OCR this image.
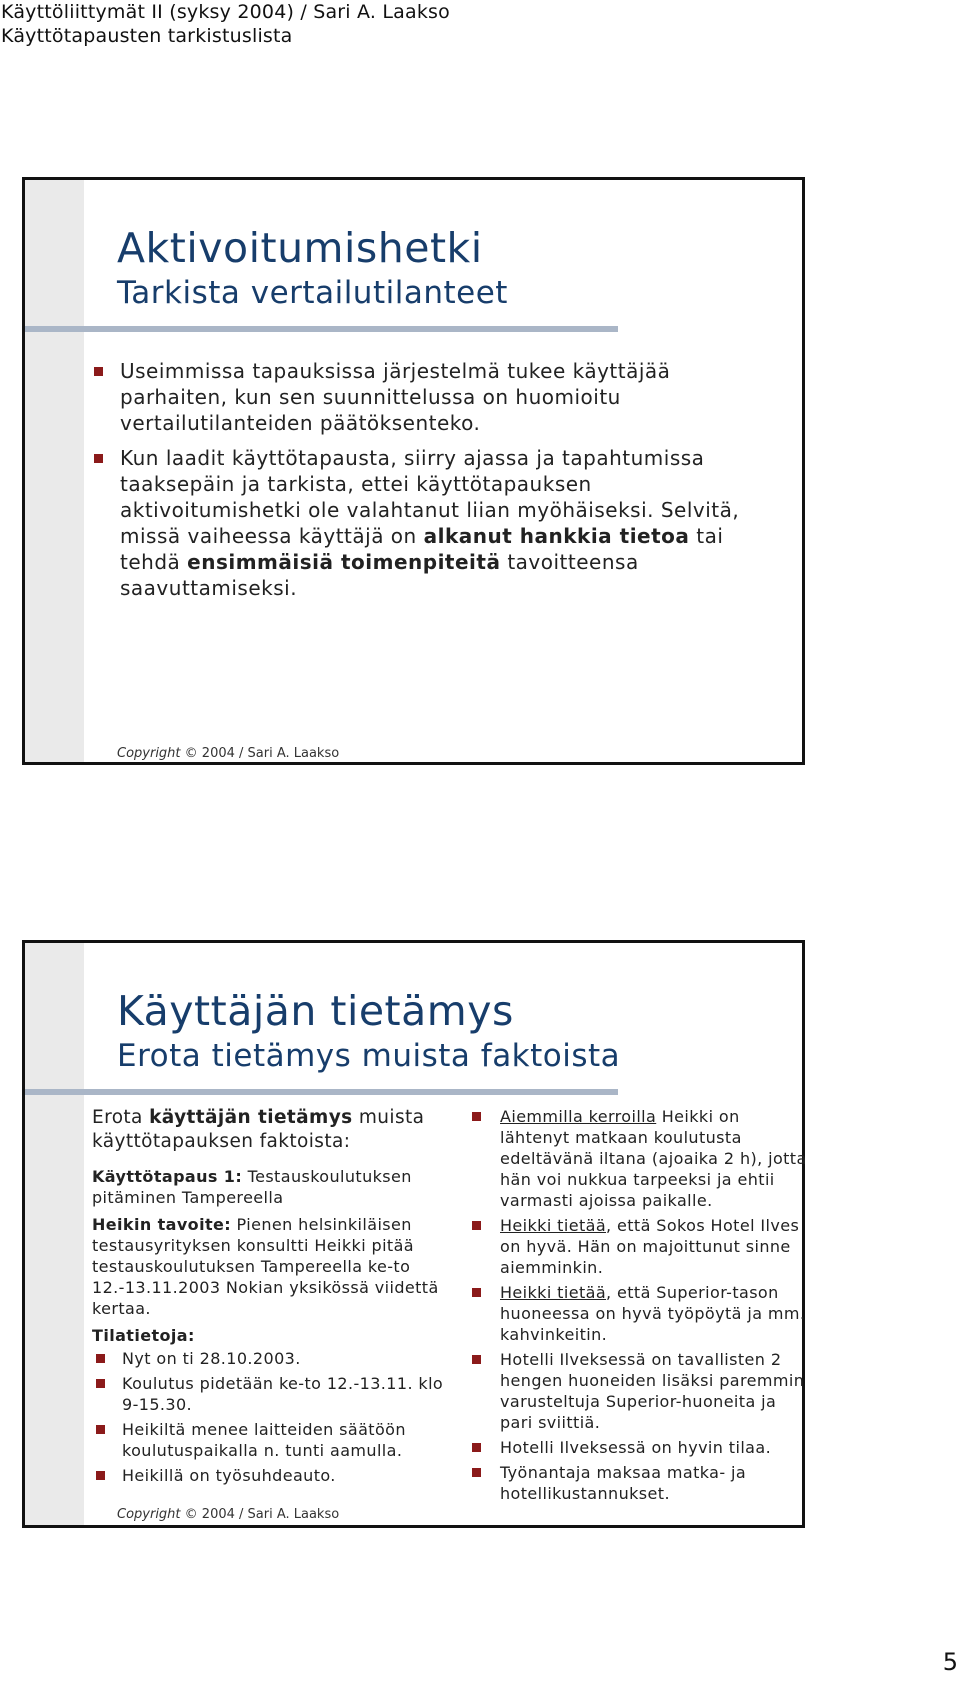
Käyttöliittymät II (syksy 2004) / Sari A. Laakso
Käyttötapausten tarkistuslista
Aktivoitumishetki
Tarkista vertailutilanteet
Copyright © 2004 / Sari A. Laakso
Useimmissa tapauksissa järjestelmä tukee käyttäjää parhaiten, kun sen suunnittelussa on huomioitu vertailutilanteiden päätöksenteko.
Kun laadit käyttötapausta, siirry ajassa ja tapahtumissa taaksepäin ja tarkista, ettei käyttötapauksen aktivoitumishetki ole valahtanut liian myöhäiseksi. Selvitä, missä vaiheessa käyttäjä on alkanut hankkia tietoa tai tehdä ensimmäisiä toimenpiteitä tavoitteensa saavuttamiseksi.
Käyttäjän tietämys
Erota tietämys muista faktoista
Copyright © 2004 / Sari A. Laakso

Erota käyttäjän tietämys muista käyttötapauksen faktoista:

Käyttötapaus 1: Testauskoulutuksen pitäminen Tampereella

Heikin tavoite: Pienen helsinkiläisen testausyrityksen konsultti Heikki pitää testauskoulutuksen Tampereella ke-to 12.-13.11.2003 Nokian yksikössä viidettä kertaa.

Tilatietoja:

Nyt on ti 28.10.2003.
Koulutus pidetään ke-to 12.-13.11. klo 9-15.30.
Heikiltä menee laitteiden säätöön koulutuspaikalla n. tunti aamulla.
Heikillä on työsuhdeauto.
Aiemmilla kerroilla Heikki on lähtenyt matkaan koulutusta edeltävänä iltana (ajoaika 2 h), jotta hän voi nukkua tarpeeksi ja ehtii varmasti ajoissa paikalle.
Heikki tietää, että Sokos Hotel Ilves on hyvä. Hän on majoittunut sinne aiemminkin.
Heikki tietää, että Superior-tason huoneessa on hyvä työpöytä ja mm. kahvinkeitin.
Hotelli Ilveksessä on tavallisten 2 hengen huoneiden lisäksi paremmin varusteltuja Superior-huoneita ja pari sviittiä.
Hotelli Ilveksessä on hyvin tilaa.
Työnantaja maksaa matka- ja hotellikustannukset.
5
